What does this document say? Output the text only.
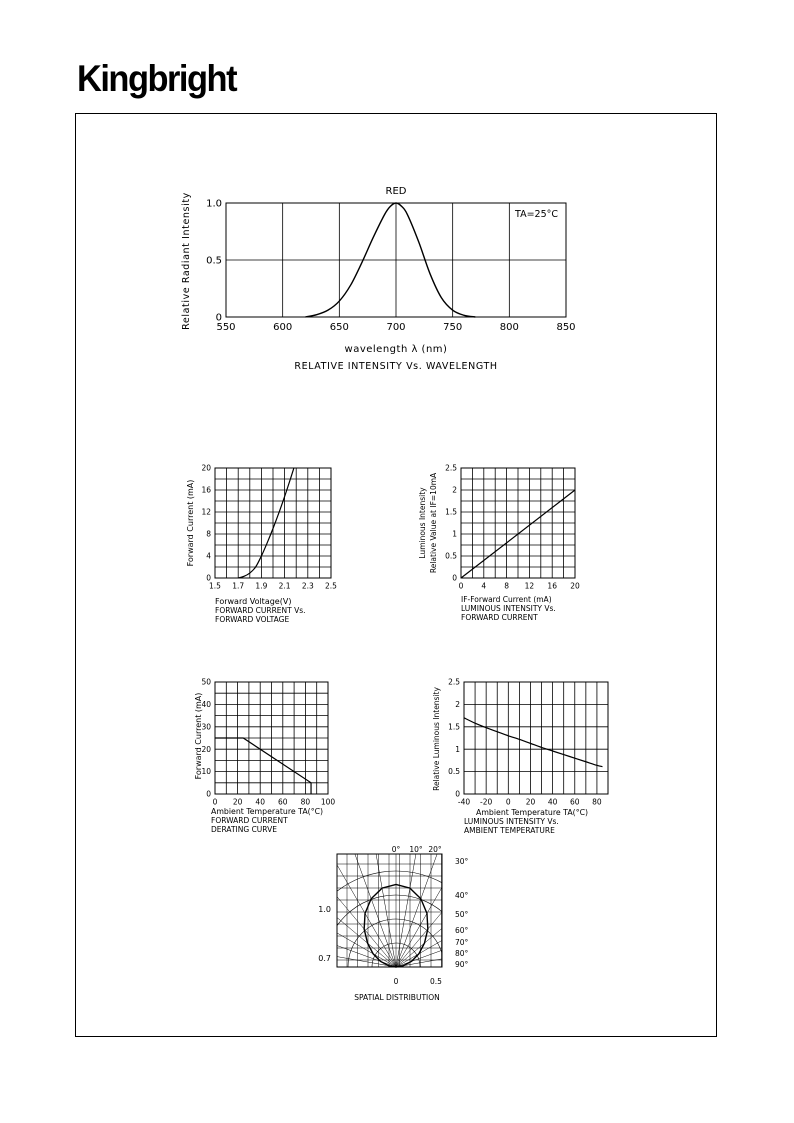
Kingbright
550	600	650	700	750	800	850
0
0.5
1.0
RED
TA=25°C
wavelength λ (nm)
RELATIVE INTENSITY Vs. WAVELENGTH
Relative Radiant Intensity
1.5 1.7 1.9 2.1 2.3 2.5
0
4
8
12
16
20
Forward Voltage(V)
FORWARD CURRENT Vs.
FORWARD VOLTAGE
Forward Current (mA)
0 4 8 12 16 20
0
0.5
1
1.5
2
2.5
IF-Forward Current (mA)
LUMINOUS INTENSITY Vs.
FORWARD CURRENT
Luminous Intensity Relative Value at IF=10mA
0 20 40 60 80 100
0
10
20
30
40
50
Ambient Temperature TA(°C)
FORWARD CURRENT
DERATING CURVE
Forward Current (mA)
-40 -20 0 20 40 60 80
0
0.5
1
1.5
2
2.5
Ambient Temperature TA(°C)
LUMINOUS INTENSITY Vs.
AMBIENT TEMPERATURE
Relative Luminous Intensity
0° 10° 20°
30°
40°
50°
60°
70°
80°
90°
1.0
0.7
0	0.5
SPATIAL DISTRIBUTION
